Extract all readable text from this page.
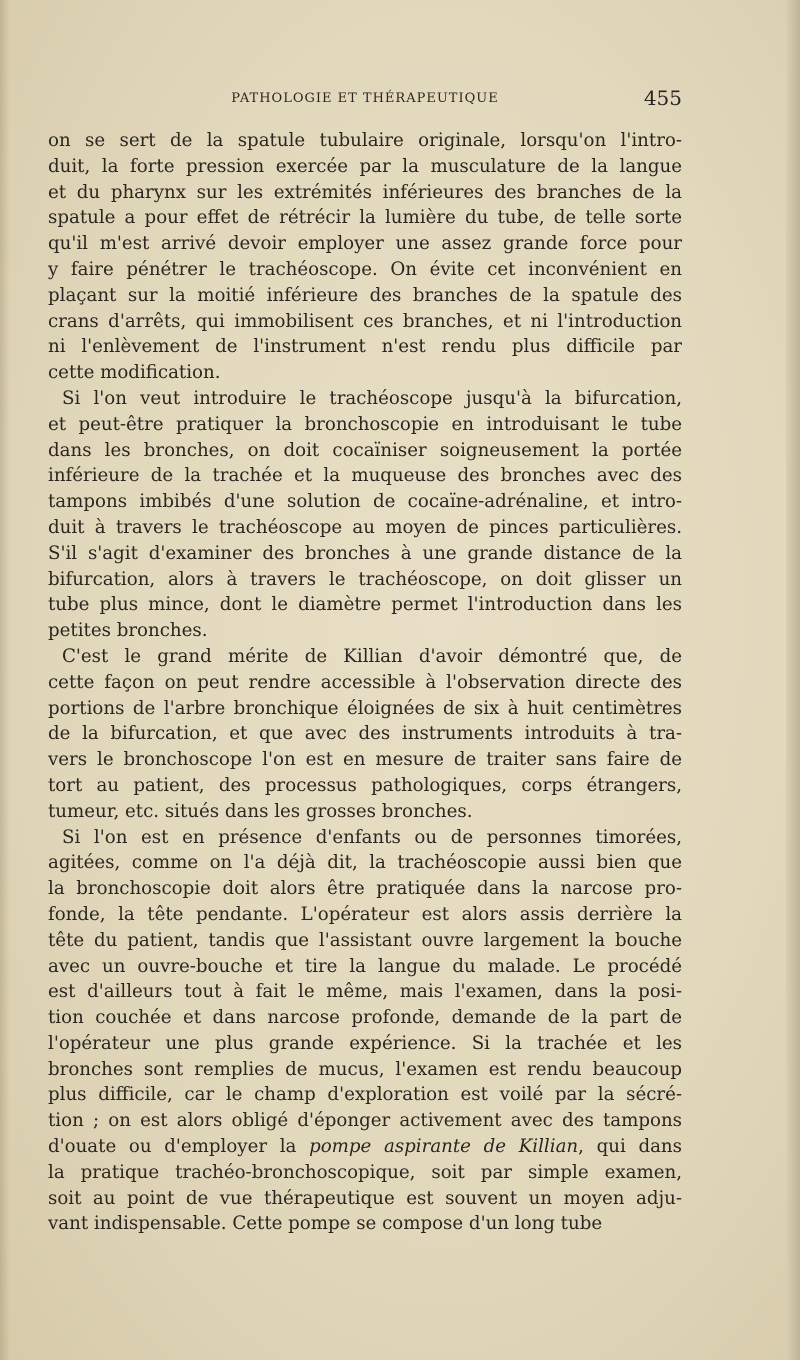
PATHOLOGIE ET THÉRAPEUTIQUE	455

on se sert de la spatule tubulaire originale, lorsqu'on l'intro-
duit, la forte pression exercée par la musculature de la langue
et du pharynx sur les extrémités inférieures des branches de la
spatule a pour effet de rétrécir la lumière du tube, de telle sorte
qu'il m'est arrivé devoir employer une assez grande force pour
y faire pénétrer le trachéoscope. On évite cet inconvénient en
plaçant sur la moitié inférieure des branches de la spatule des
crans d'arrêts, qui immobilisent ces branches, et ni l'introduction
ni l'enlèvement de l'instrument n'est rendu plus difficile par
cette modification.

Si l'on veut introduire le trachéoscope jusqu'à la bifurcation,
et peut-être pratiquer la bronchoscopie en introduisant le tube
dans les bronches, on doit cocaïniser soigneusement la portée
inférieure de la trachée et la muqueuse des bronches avec des
tampons imbibés d'une solution de cocaïne-adrénaline, et intro-
duit à travers le trachéoscope au moyen de pinces particulières.
S'il s'agit d'examiner des bronches à une grande distance de la
bifurcation, alors à travers le trachéoscope, on doit glisser un
tube plus mince, dont le diamètre permet l'introduction dans les
petites bronches.

C'est le grand mérite de Killian d'avoir démontré que, de
cette façon on peut rendre accessible à l'observation directe des
portions de l'arbre bronchique éloignées de six à huit centimètres
de la bifurcation, et que avec des instruments introduits à tra-
vers le bronchoscope l'on est en mesure de traiter sans faire de
tort au patient, des processus pathologiques, corps étrangers,
tumeur, etc. situés dans les grosses bronches.

Si l'on est en présence d'enfants ou de personnes timorées,
agitées, comme on l'a déjà dit, la trachéoscopie aussi bien que
la bronchoscopie doit alors être pratiquée dans la narcose pro-
fonde, la tête pendante. L'opérateur est alors assis derrière la
tête du patient, tandis que l'assistant ouvre largement la bouche
avec un ouvre-bouche et tire la langue du malade. Le procédé
est d'ailleurs tout à fait le même, mais l'examen, dans la posi-
tion couchée et dans narcose profonde, demande de la part de
l'opérateur une plus grande expérience. Si la trachée et les
bronches sont remplies de mucus, l'examen est rendu beaucoup
plus difficile, car le champ d'exploration est voilé par la sécré-
tion ; on est alors obligé d'éponger activement avec des tampons
d'ouate ou d'employer la pompe aspirante de Killian, qui dans
la pratique trachéo-bronchoscopique, soit par simple examen,
soit au point de vue thérapeutique est souvent un moyen adju-
vant indispensable. Cette pompe se compose d'un long tube
